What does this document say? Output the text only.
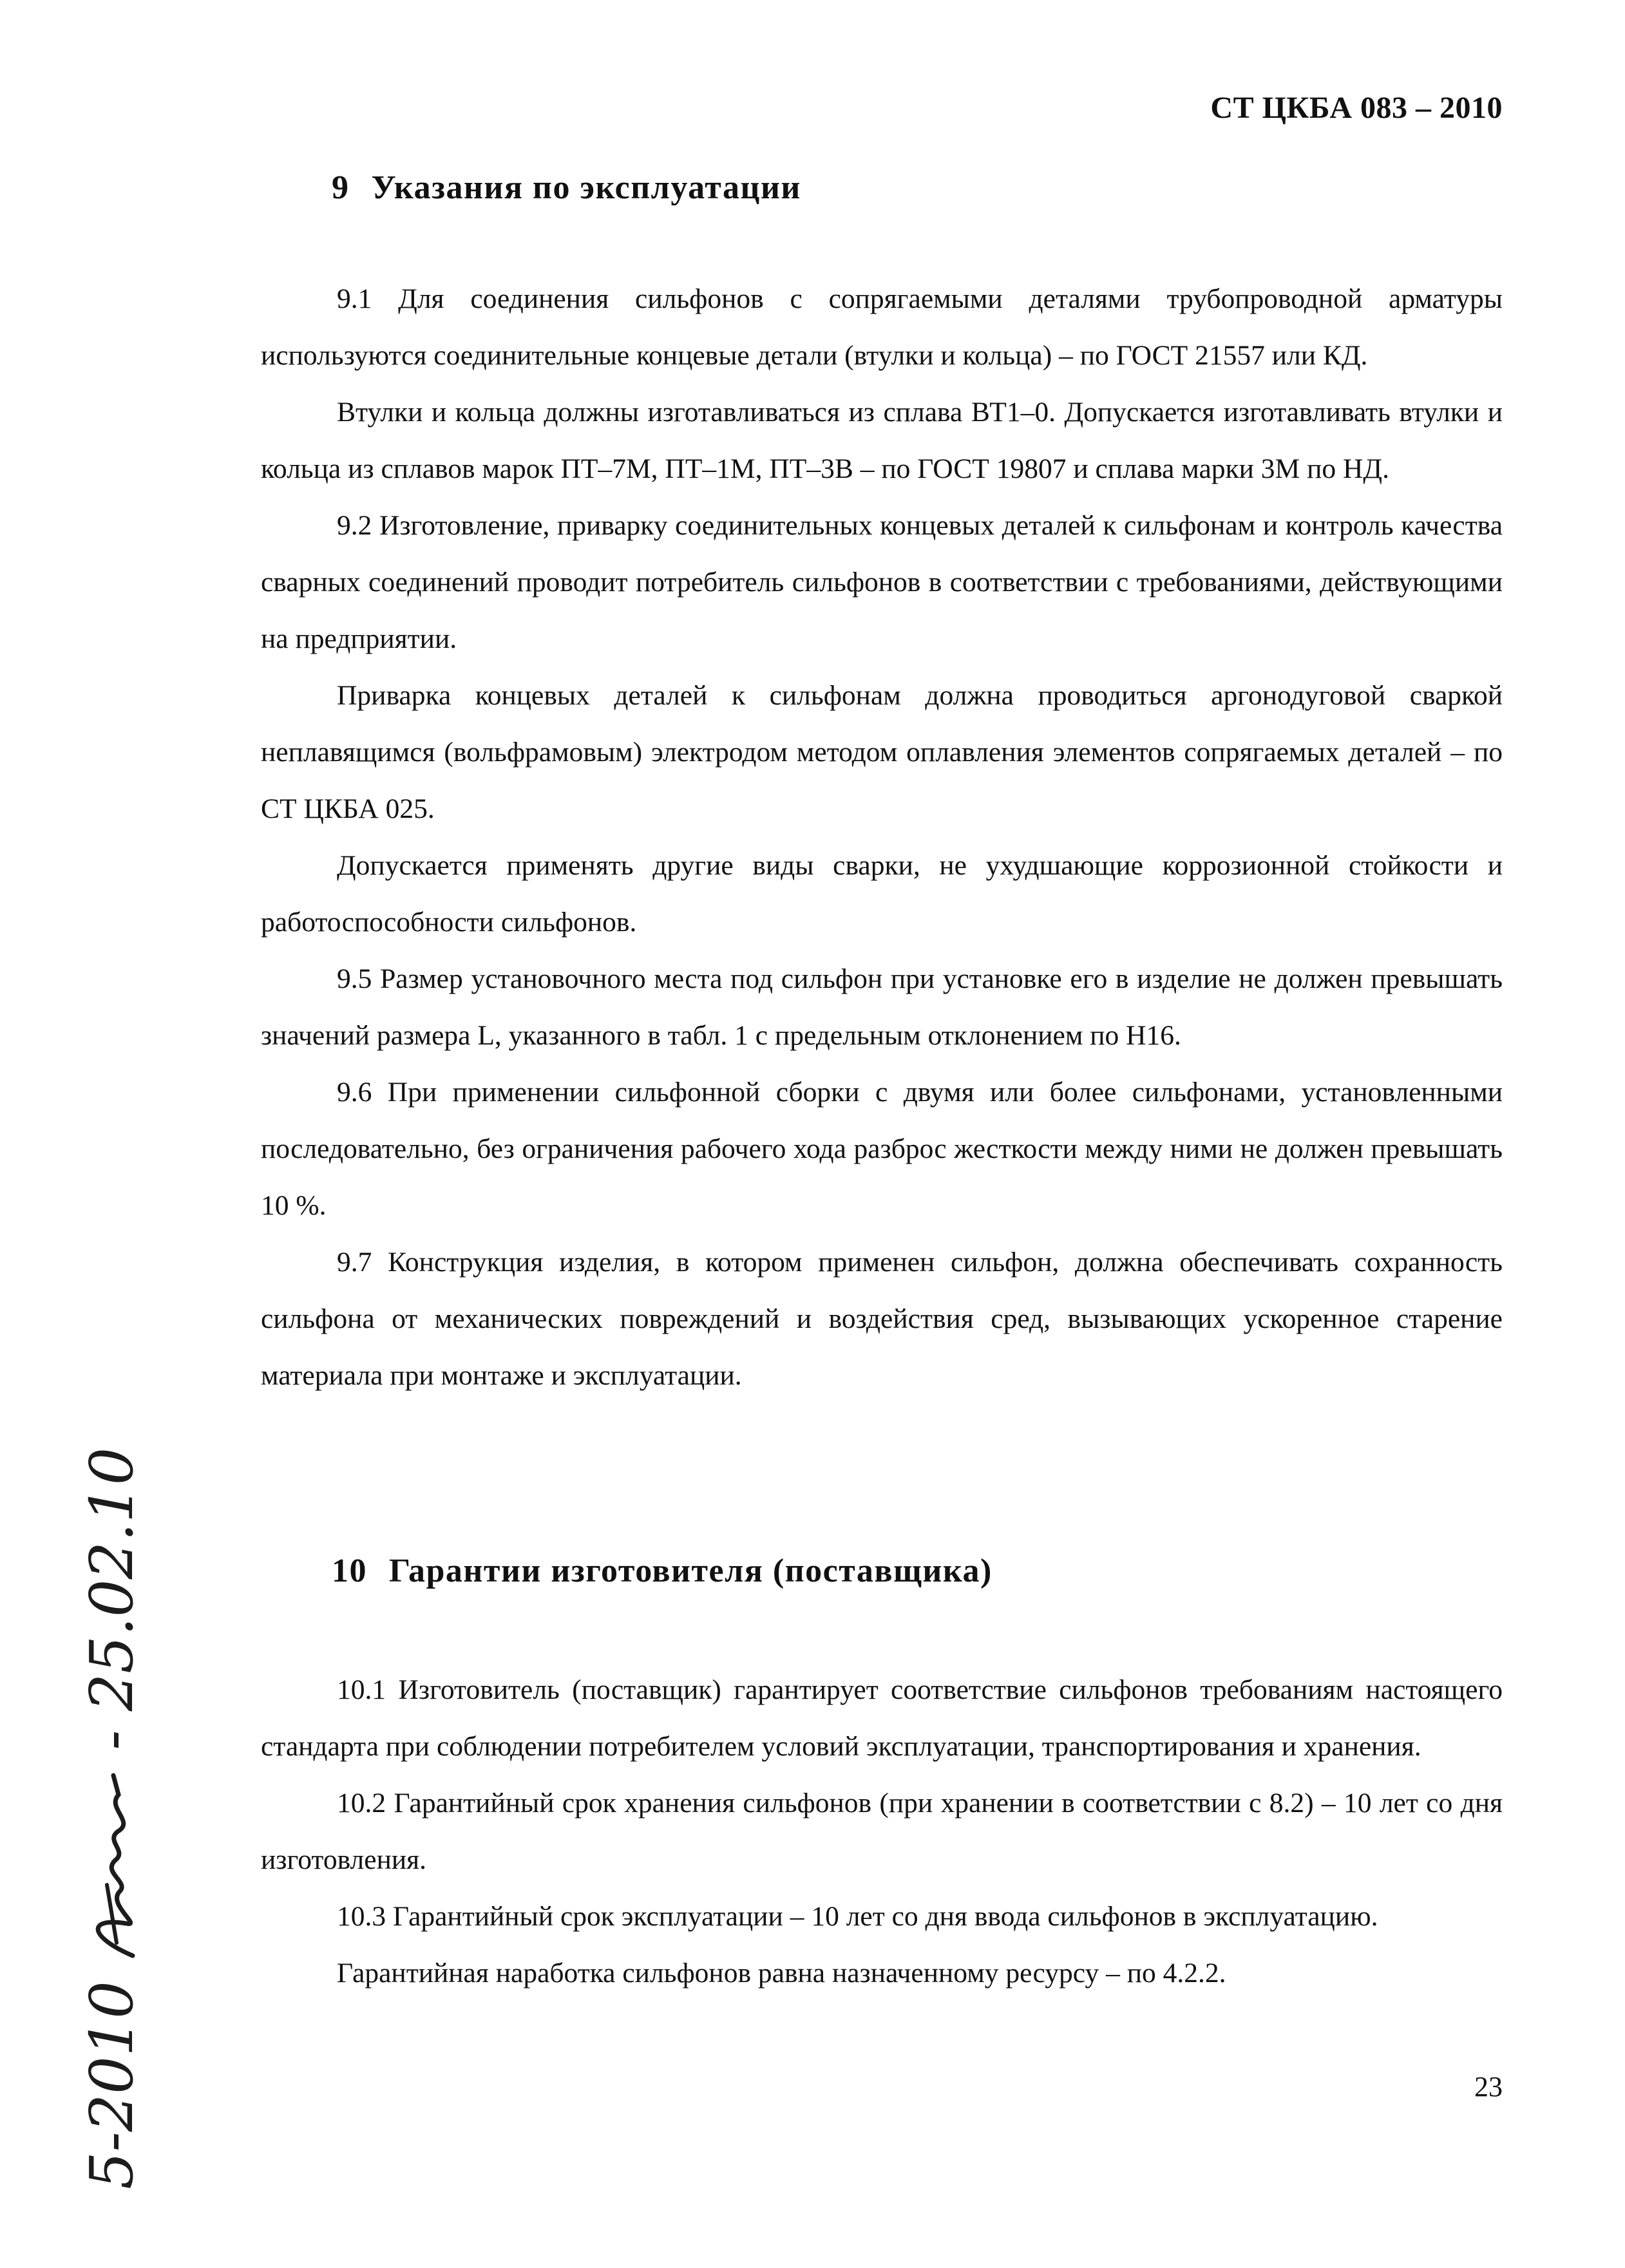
СТ ЦКБА 083 – 2010
9 Указания по эксплуатации

9.1 Для соединения сильфонов с сопрягаемыми деталями трубопроводной арматуры используются соединительные концевые детали (втулки и кольца) – по ГОСТ 21557 или КД.

Втулки и кольца должны изготавливаться из сплава ВТ1–0. Допускается изготавливать втулки и кольца из сплавов марок ПТ–7М, ПТ–1М, ПТ–3В – по ГОСТ 19807 и сплава марки 3М по НД.

9.2 Изготовление, приварку соединительных концевых деталей к сильфонам и контроль качества сварных соединений проводит потребитель сильфонов в соответствии с требованиями, действующими на предприятии.

Приварка концевых деталей к сильфонам должна проводиться аргонодуговой сваркой неплавящимся (вольфрамовым) электродом методом оплавления элементов сопрягаемых деталей – по СТ ЦКБА 025.

Допускается применять другие виды сварки, не ухудшающие коррозионной стойкости и работоспособности сильфонов.

9.5 Размер установочного места под сильфон при установке его в изделие не должен превышать значений размера L, указанного в табл. 1 с предельным отклонением по Н16.

9.6 При применении сильфонной сборки с двумя или более сильфонами, установленными последовательно, без ограничения рабочего хода разброс жесткости между ними не должен превышать 10 %.

9.7 Конструкция изделия, в котором применен сильфон, должна обеспечивать сохранность сильфона от механических повреждений и воздействия сред, вызывающих ускоренное старение материала при монтаже и эксплуатации.

10 Гарантии изготовителя (поставщика)

10.1 Изготовитель (поставщик) гарантирует соответствие сильфонов требованиям настоящего стандарта при соблюдении потребителем условий эксплуатации, транспортирования и хранения.

10.2 Гарантийный срок хранения сильфонов (при хранении в соответствии с 8.2) – 10 лет со дня изготовления.

10.3 Гарантийный срок эксплуатации – 10 лет со дня ввода сильфонов в эксплуатацию.

Гарантийная наработка сильфонов равна назначенному ресурсу – по 4.2.2.

23
5-2010  - 25.02.10
